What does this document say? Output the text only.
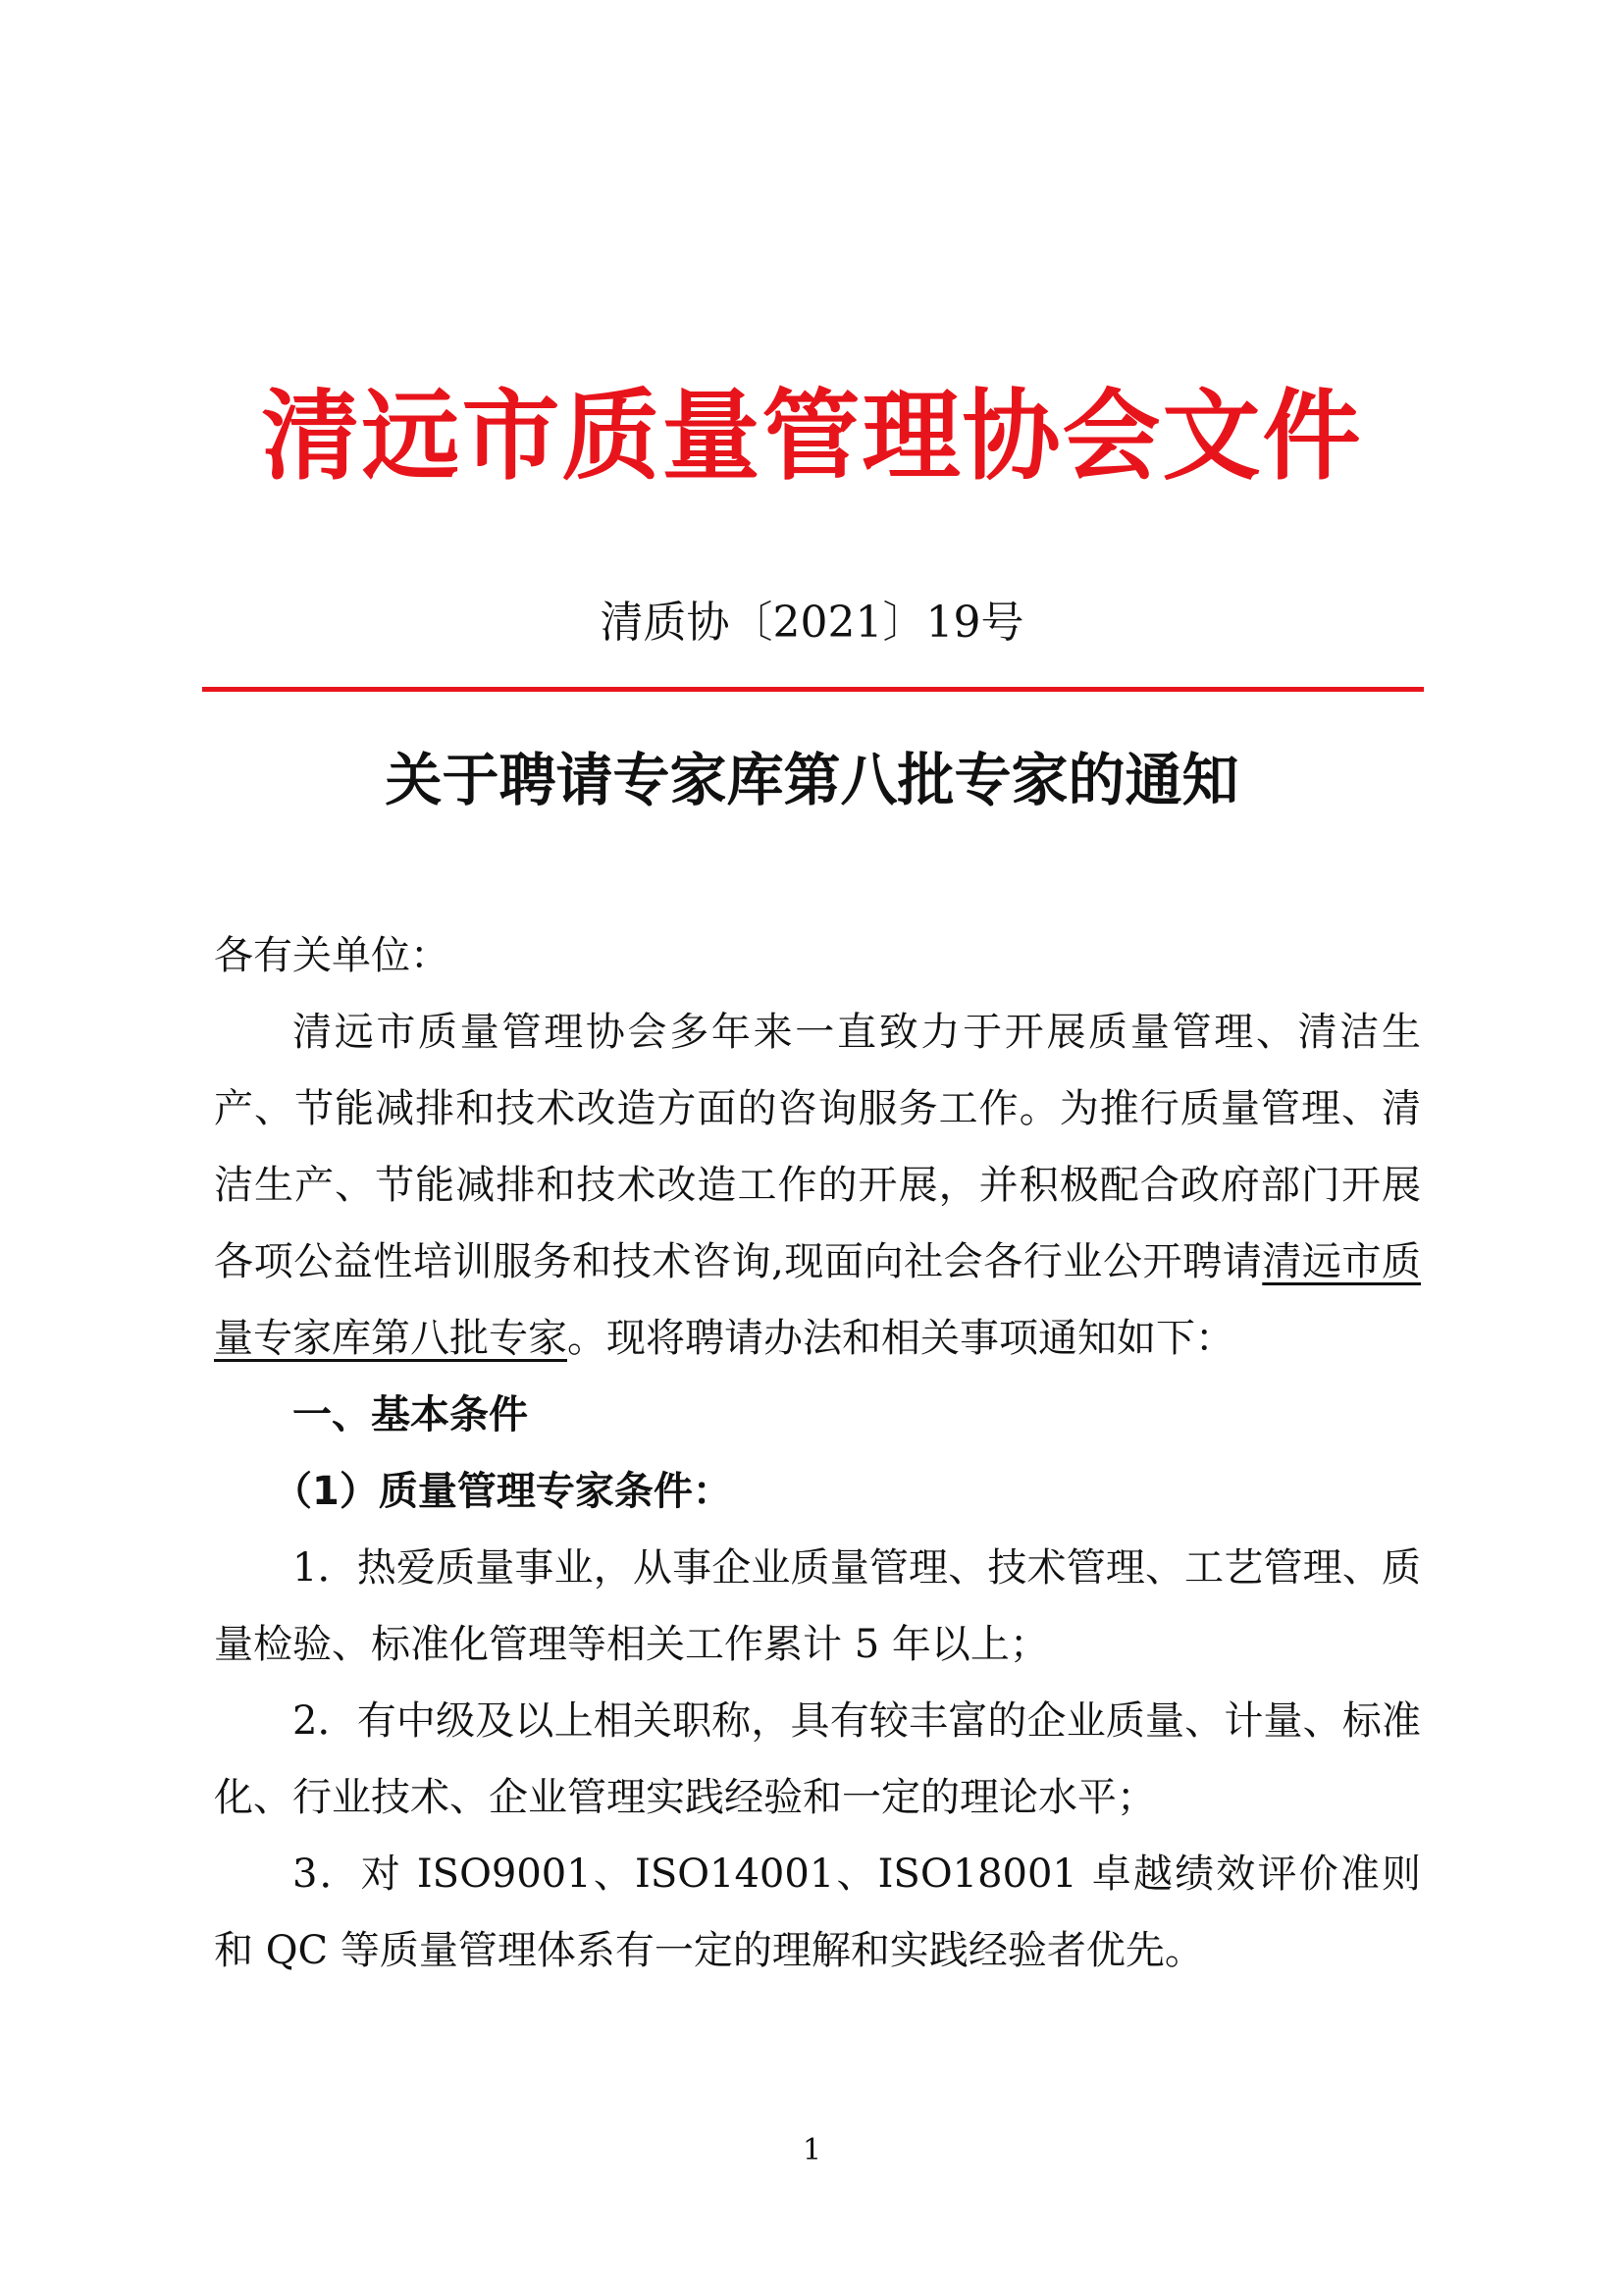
清远市质量管理协会文件
清质协〔2021〕19号
关于聘请专家库第八批专家的通知

各有关单位：

清远市质量管理协会多年来一直致力于开展质量管理、清洁生产、节能减排和技术改造方面的咨询服务工作。为推行质量管理、清洁生产、节能减排和技术改造工作的开展，并积极配合政府部门开展各项公益性培训服务和技术咨询,现面向社会各行业公开聘请清远市质量专家库第八批专家。现将聘请办法和相关事项通知如下：

一、基本条件

（1）质量管理专家条件：

1．热爱质量事业，从事企业质量管理、技术管理、工艺管理、质量检验、标准化管理等相关工作累计 5 年以上；

2．有中级及以上相关职称，具有较丰富的企业质量、计量、标准化、行业技术、企业管理实践经验和一定的理论水平；

3．对 ISO9001、ISO14001、ISO18001 卓越绩效评价准则和 QC 等质量管理体系有一定的理解和实践经验者优先。

1
